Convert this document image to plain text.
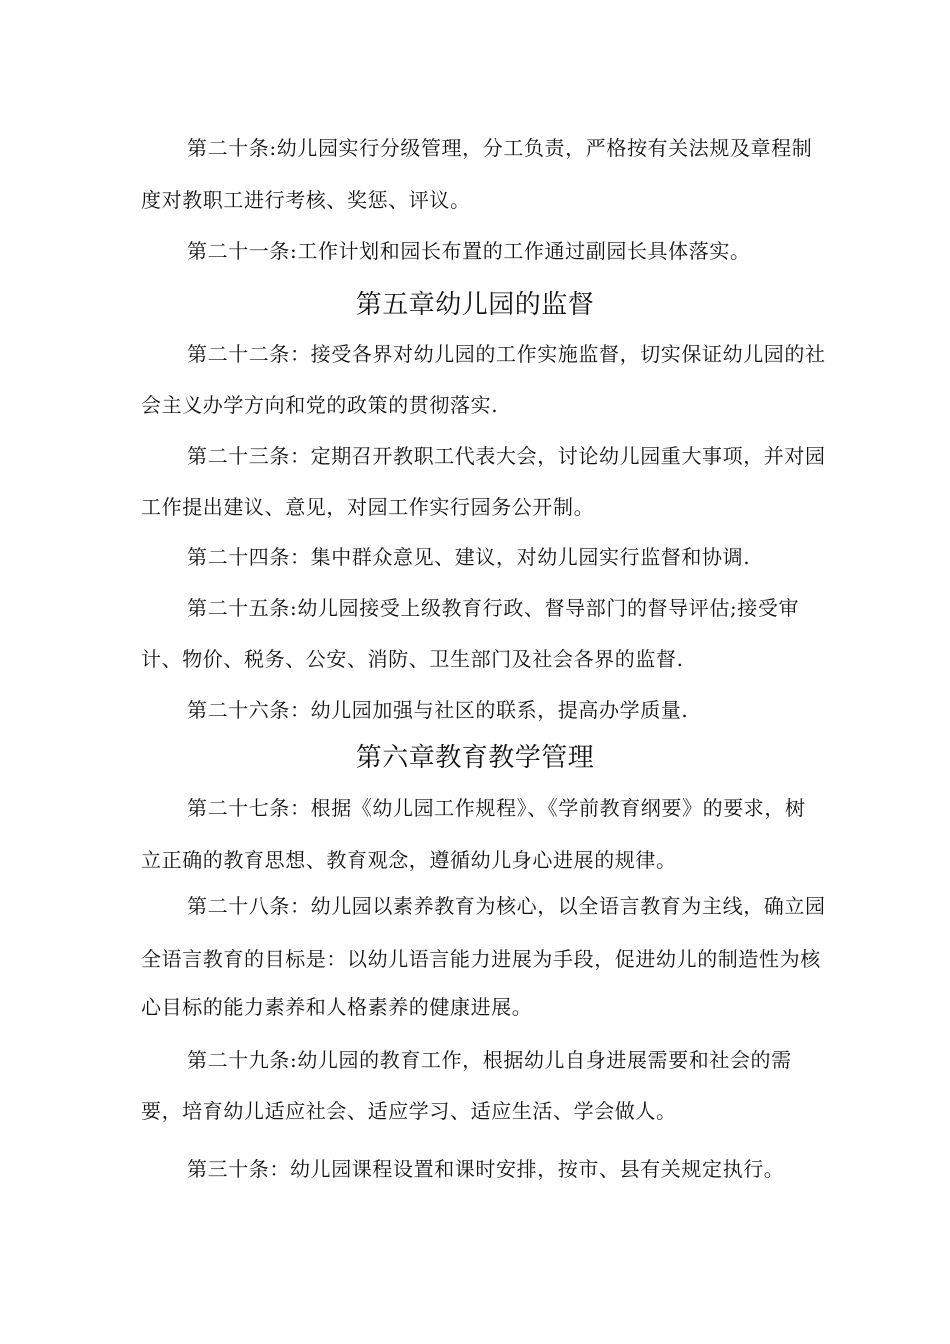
第二十条:幼儿园实行分级管理，分工负责，严格按有关法规及章程制
度对教职工进行考核、奖惩、评议。
第二十一条:工作计划和园长布置的工作通过副园长具体落实。
第五章幼儿园的监督
第二十二条：接受各界对幼儿园的工作实施监督，切实保证幼儿园的社
会主义办学方向和党的政策的贯彻落实.
第二十三条：定期召开教职工代表大会，讨论幼儿园重大事项，并对园
工作提出建议、意见，对园工作实行园务公开制。
第二十四条：集中群众意见、建议，对幼儿园实行监督和协调.
第二十五条:幼儿园接受上级教育行政、督导部门的督导评估;接受审
计、物价、税务、公安、消防、卫生部门及社会各界的监督.
第二十六条：幼儿园加强与社区的联系，提高办学质量.
第六章教育教学管理
第二十七条：根据《幼儿园工作规程》、《学前教育纲要》的要求，树
立正确的教育思想、教育观念，遵循幼儿身心进展的规律。
第二十八条：幼儿园以素养教育为核心，以全语言教育为主线，确立园
全语言教育的目标是：以幼儿语言能力进展为手段，促进幼儿的制造性为核
心目标的能力素养和人格素养的健康进展。
第二十九条:幼儿园的教育工作，根据幼儿自身进展需要和社会的需
要，培育幼儿适应社会、适应学习、适应生活、学会做人。
第三十条：幼儿园课程设置和课时安排，按市、县有关规定执行。
